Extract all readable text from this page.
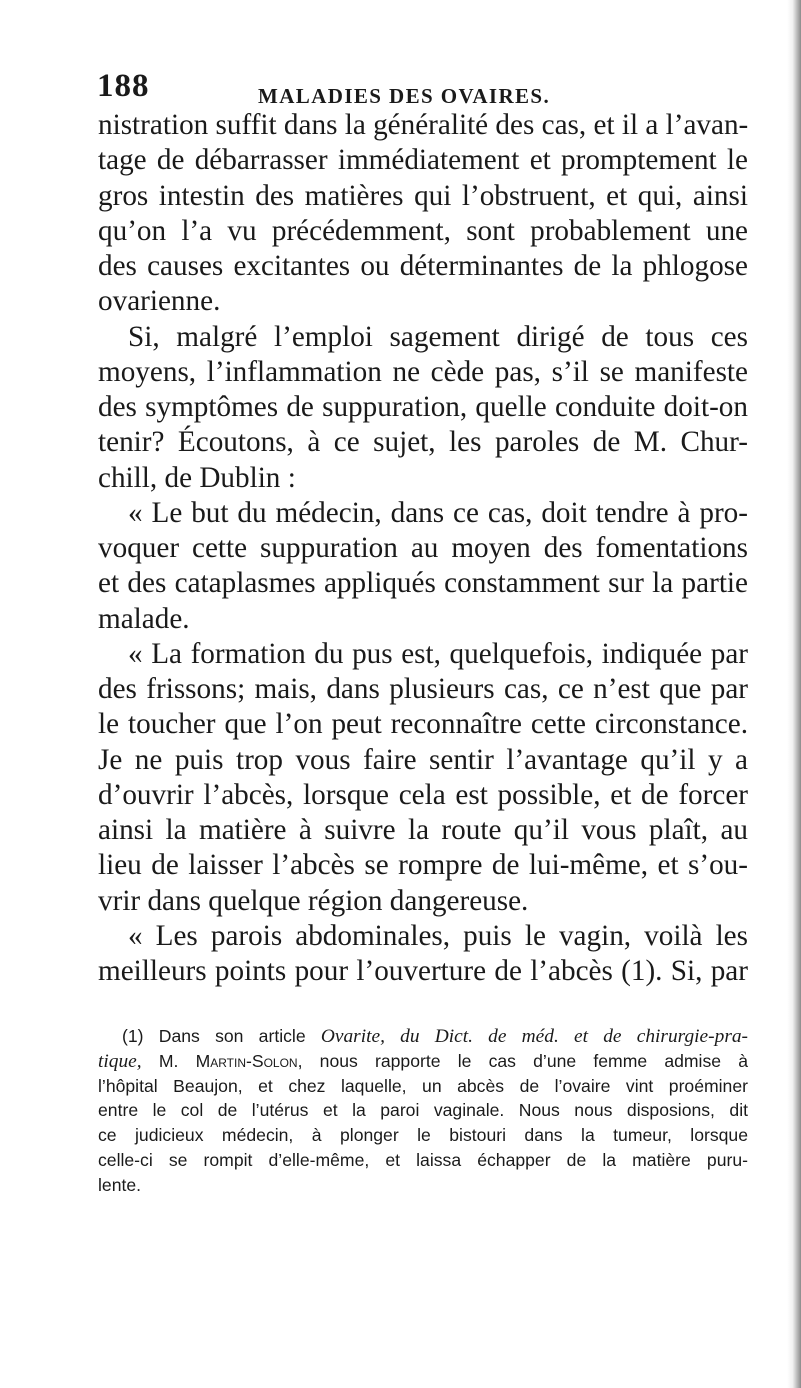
188	MALADIES DES OVAIRES.
nistration suffit dans la généralité des cas, et il a l’avan-
tage de débarrasser immédiatement et promptement le
gros intestin des matières qui l’obstruent, et qui, ainsi
qu’on l’a vu précédemment, sont probablement une
des causes excitantes ou déterminantes de la phlogose
ovarienne.
Si, malgré l’emploi sagement dirigé de tous ces
moyens, l’inflammation ne cède pas, s’il se manifeste
des symptômes de suppuration, quelle conduite doit-on
tenir? Écoutons, à ce sujet, les paroles de M. Chur-
chill, de Dublin :
« Le but du médecin, dans ce cas, doit tendre à pro-
voquer cette suppuration au moyen des fomentations
et des cataplasmes appliqués constamment sur la partie
malade.
« La formation du pus est, quelquefois, indiquée par
des frissons; mais, dans plusieurs cas, ce n’est que par
le toucher que l’on peut reconnaître cette circonstance.
Je ne puis trop vous faire sentir l’avantage qu’il y a
d’ouvrir l’abcès, lorsque cela est possible, et de forcer
ainsi la matière à suivre la route qu’il vous plaît, au
lieu de laisser l’abcès se rompre de lui-même, et s’ou-
vrir dans quelque région dangereuse.
« Les parois abdominales, puis le vagin, voilà les
meilleurs points pour l’ouverture de l’abcès (1). Si, par
(1) Dans son article Ovarite, du Dict. de méd. et de chirurgie-pra-
tique, M. Martin-Solon, nous rapporte le cas d’une femme admise à
l’hôpital Beaujon, et chez laquelle, un abcès de l’ovaire vint proéminer
entre le col de l’utérus et la paroi vaginale. Nous nous disposions, dit
ce judicieux médecin, à plonger le bistouri dans la tumeur, lorsque
celle-ci se rompit d’elle-même, et laissa échapper de la matière puru-
lente.
